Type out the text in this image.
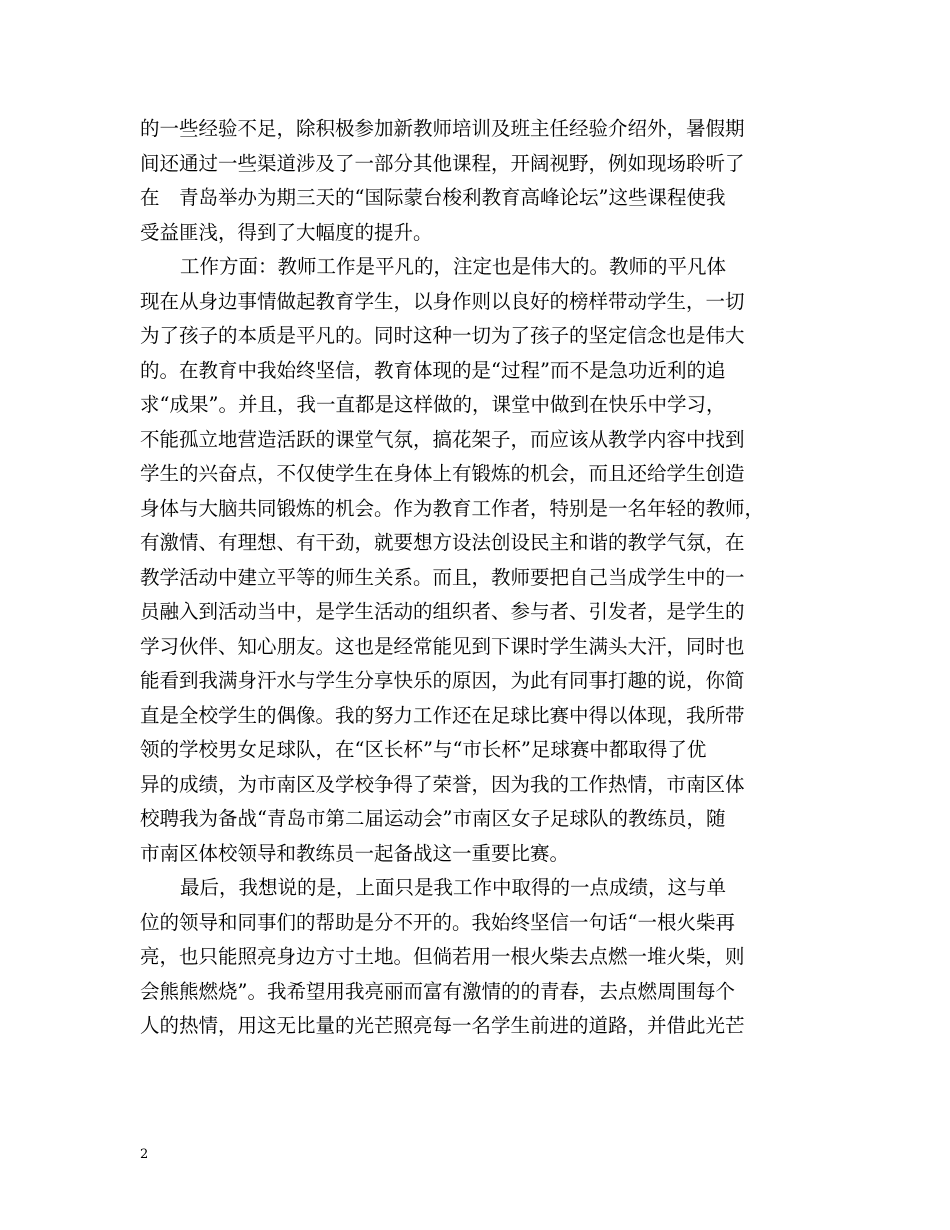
的一些经验不足，除积极参加新教师培训及班主任经验介绍外，暑假期
间还通过一些渠道涉及了一部分其他课程，开阔视野，例如现场聆听了
在　青岛举办为期三天的“国际蒙台梭利教育高峰论坛”这些课程使我
受益匪浅，得到了大幅度的提升。
工作方面：教师工作是平凡的，注定也是伟大的。教师的平凡体
现在从身边事情做起教育学生，以身作则以良好的榜样带动学生，一切
为了孩子的本质是平凡的。同时这种一切为了孩子的坚定信念也是伟大
的。在教育中我始终坚信，教育体现的是“过程”而不是急功近利的追
求“成果”。并且，我一直都是这样做的，课堂中做到在快乐中学习，
不能孤立地营造活跃的课堂气氛，搞花架子，而应该从教学内容中找到
学生的兴奋点，不仅使学生在身体上有锻炼的机会，而且还给学生创造
身体与大脑共同锻炼的机会。作为教育工作者，特别是一名年轻的教师，
有激情、有理想、有干劲，就要想方设法创设民主和谐的教学气氛，在
教学活动中建立平等的师生关系。而且，教师要把自己当成学生中的一
员融入到活动当中，是学生活动的组织者、参与者、引发者，是学生的
学习伙伴、知心朋友。这也是经常能见到下课时学生满头大汗，同时也
能看到我满身汗水与学生分享快乐的原因，为此有同事打趣的说，你简
直是全校学生的偶像。我的努力工作还在足球比赛中得以体现，我所带
领的学校男女足球队，在“区长杯”与“市长杯”足球赛中都取得了优
异的成绩，为市南区及学校争得了荣誉，因为我的工作热情，市南区体
校聘我为备战“青岛市第二届运动会”市南区女子足球队的教练员，随
市南区体校领导和教练员一起备战这一重要比赛。
最后，我想说的是，上面只是我工作中取得的一点成绩，这与单
位的领导和同事们的帮助是分不开的。我始终坚信一句话“一根火柴再
亮，也只能照亮身边方寸土地。但倘若用一根火柴去点燃一堆火柴，则
会熊熊燃烧”。我希望用我亮丽而富有激情的的青春，去点燃周围每个
人的热情，用这无比量的光芒照亮每一名学生前进的道路，并借此光芒
2
